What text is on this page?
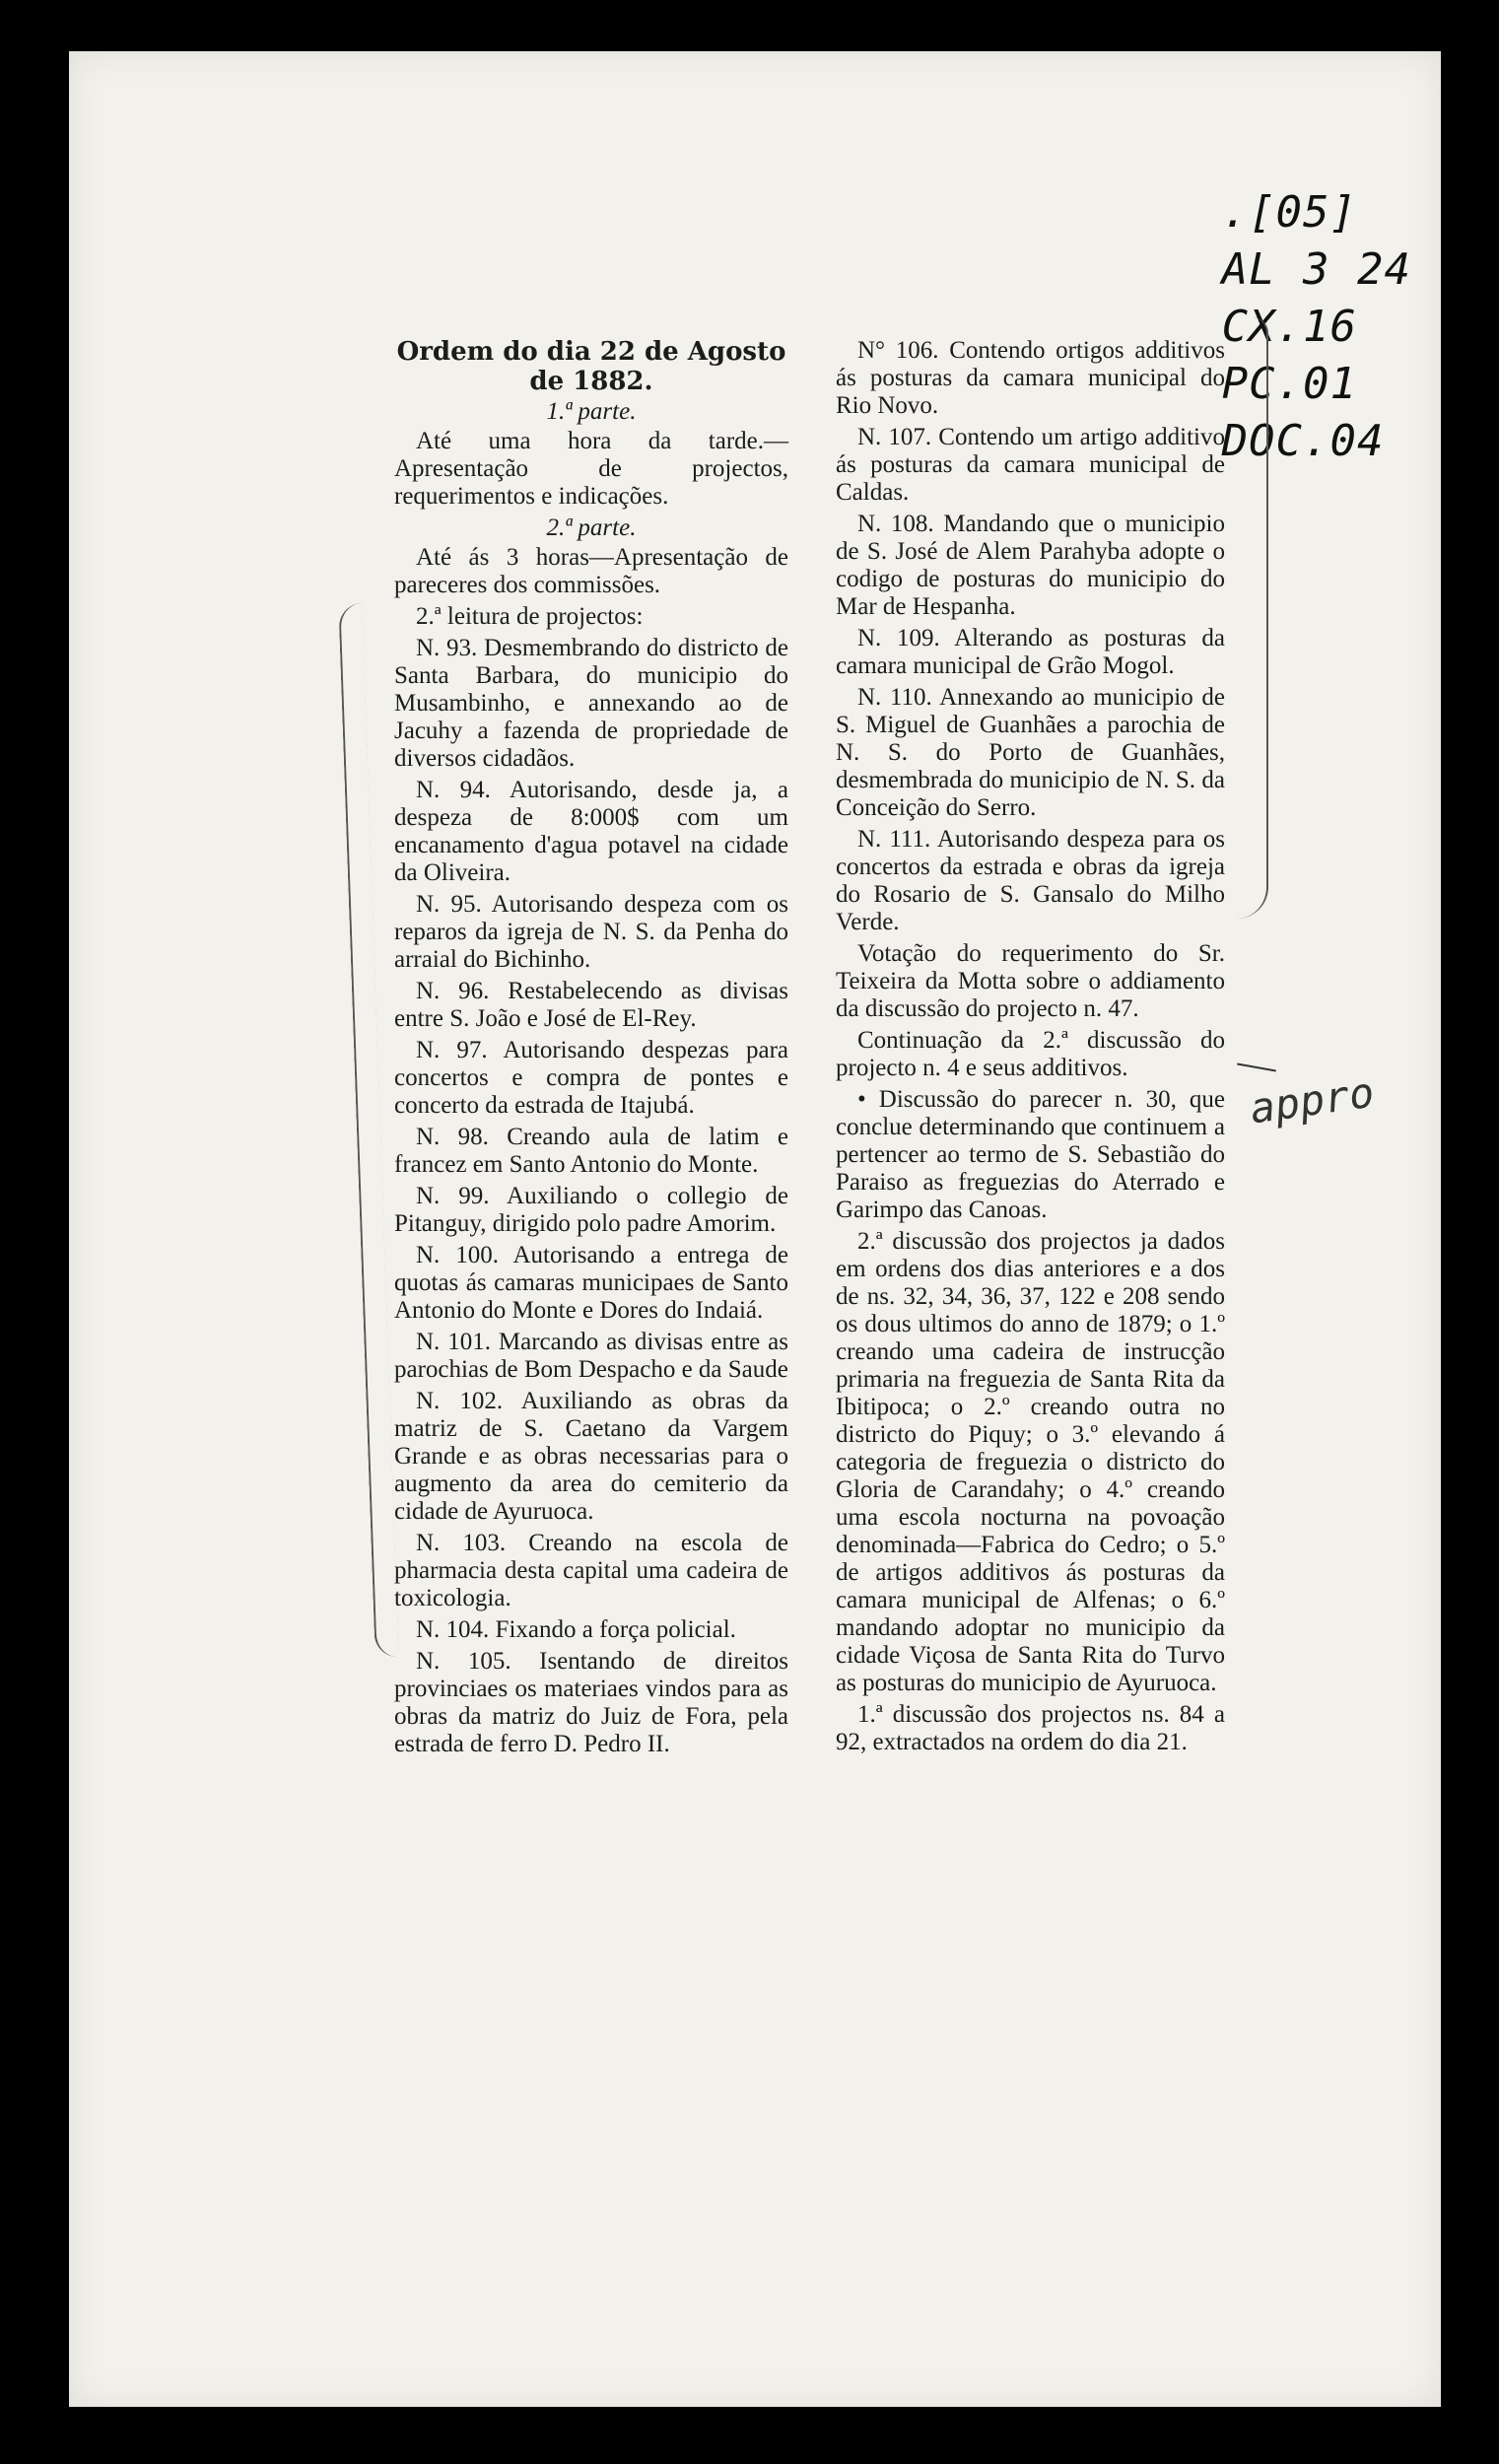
.[05]
AL 3 24
CX.16
PC.01
DOC.04
appro
Ordem do dia 22 de Agosto de 1882.
1.ª parte.

Até uma hora da tarde.—Apresentação de projectos, requerimentos e indicações.

2.ª parte.

Até ás 3 horas—Apresentação de pareceres dos commissões.

2.ª leitura de projectos:

N. 93. Desmembrando do districto de Santa Barbara, do municipio do Musambinho, e annexando ao de Jacuhy a fazenda de propriedade de diversos cidadãos.

N. 94. Autorisando, desde ja, a despeza de 8:000$ com um encanamento d'agua potavel na cidade da Oliveira.

N. 95. Autorisando despeza com os reparos da igreja de N. S. da Penha do arraial do Bichinho.

N. 96. Restabelecendo as divisas entre S. João e José de El-Rey.

N. 97. Autorisando despezas para concertos e compra de pontes e concerto da estrada de Itajubá.

N. 98. Creando aula de latim e francez em Santo Antonio do Monte.

N. 99. Auxiliando o collegio de Pitanguy, dirigido polo padre Amorim.

N. 100. Autorisando a entrega de quotas ás camaras municipaes de Santo Antonio do Monte e Dores do Indaiá.

N. 101. Marcando as divisas entre as parochias de Bom Despacho e da Saude

N. 102. Auxiliando as obras da matriz de S. Caetano da Vargem Grande e as obras necessarias para o augmento da area do cemiterio da cidade de Ayuruoca.

N. 103. Creando na escola de pharmacia desta capital uma cadeira de toxicologia.

N. 104. Fixando a força policial.

N. 105. Isentando de direitos provinciaes os materiaes vindos para as obras da matriz do Juiz de Fora, pela estrada de ferro D. Pedro II.

N° 106. Contendo ortigos additivos ás posturas da camara municipal do Rio Novo.

N. 107. Contendo um artigo additivo ás posturas da camara municipal de Caldas.

N. 108. Mandando que o municipio de S. José de Alem Parahyba adopte o codigo de posturas do municipio do Mar de Hespanha.

N. 109. Alterando as posturas da camara municipal de Grão Mogol.

N. 110. Annexando ao municipio de S. Miguel de Guanhães a parochia de N. S. do Porto de Guanhães, desmembrada do municipio de N. S. da Conceição do Serro.

N. 111. Autorisando despeza para os concertos da estrada e obras da igreja do Rosario de S. Gansalo do Milho Verde.

Votação do requerimento do Sr. Teixeira da Motta sobre o addiamento da discussão do projecto n. 47.

Continuação da 2.ª discussão do projecto n. 4 e seus additivos.

• Discussão do parecer n. 30, que conclue determinando que continuem a pertencer ao termo de S. Sebastião do Paraiso as freguezias do Aterrado e Garimpo das Canoas.

2.ª discussão dos projectos ja dados em ordens dos dias anteriores e a dos de ns. 32, 34, 36, 37, 122 e 208 sendo os dous ultimos do anno de 1879; o 1.º creando uma cadeira de instrucção primaria na freguezia de Santa Rita da Ibitipoca; o 2.º creando outra no districto do Piquy; o 3.º elevando á categoria de freguezia o districto do Gloria de Carandahy; o 4.º creando uma escola nocturna na povoação denominada—Fabrica do Cedro; o 5.º de artigos additivos ás posturas da camara municipal de Alfenas; o 6.º mandando adoptar no municipio da cidade Viçosa de Santa Rita do Turvo as posturas do municipio de Ayuruoca.

1.ª discussão dos projectos ns. 84 a 92, extractados na ordem do dia 21.
